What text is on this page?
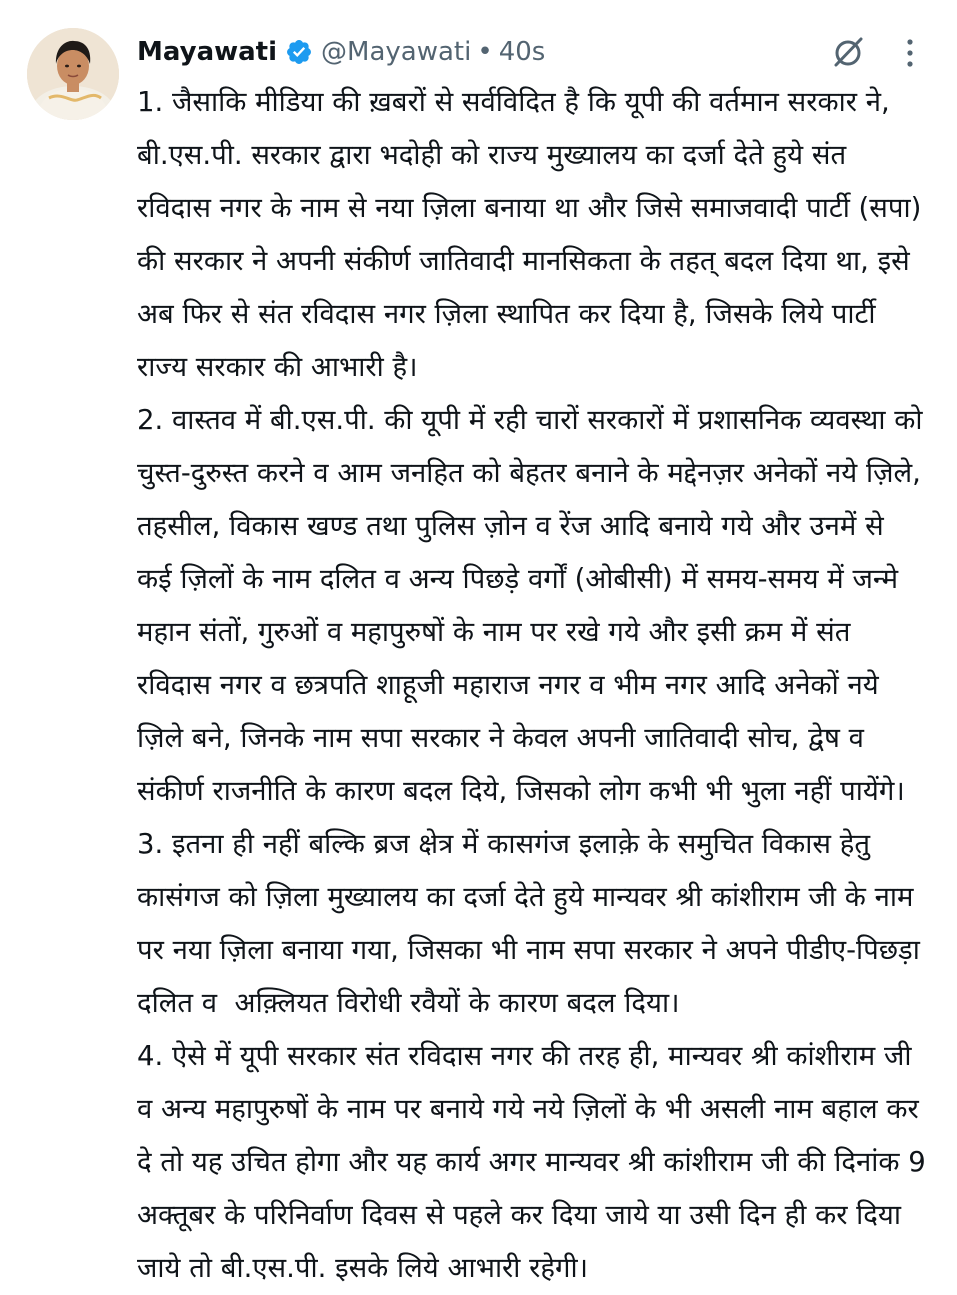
Mayawati @Mayawati • 40s

1. जैसाकि मीडिया की ख़बरों से सर्वविदित है कि यूपी की वर्तमान सरकार ने, बी.एस.पी. सरकार द्वारा भदोही को राज्य मुख्यालय का दर्जा देते हुये संत रविदास नगर के नाम से नया ज़िला बनाया था और जिसे समाजवादी पार्टी (सपा) की सरकार ने अपनी संकीर्ण जातिवादी मानसिकता के तहत् बदल दिया था, इसे अब फिर से संत रविदास नगर ज़िला स्थापित कर दिया है, जिसके लिये पार्टी राज्य सरकार की आभारी है।

2. वास्तव में बी.एस.पी. की यूपी में रही चारों सरकारों में प्रशासनिक व्यवस्था को चुस्त-दुरुस्त करने व आम जनहित को बेहतर बनाने के मद्देनज़र अनेकों नये ज़िले, तहसील, विकास खण्ड तथा पुलिस ज़ोन व रेंज आदि बनाये गये और उनमें से कई ज़िलों के नाम दलित व अन्य पिछड़े वर्गों (ओबीसी) में समय-समय में जन्मे महान संतों, गुरुओं व महापुरुषों के नाम पर रखे गये और इसी क्रम में संत रविदास नगर व छत्रपति शाहूजी महाराज नगर व भीम नगर आदि अनेकों नये ज़िले बने, जिनके नाम सपा सरकार ने केवल अपनी जातिवादी सोच, द्वेष व संकीर्ण राजनीति के कारण बदल दिये, जिसको लोग कभी भी भुला नहीं पायेंगे।

3. इतना ही नहीं बल्कि ब्रज क्षेत्र में कासगंज इलाक़े के समुचित विकास हेतु कासंगज को ज़िला मुख्यालय का दर्जा देते हुये मान्यवर श्री कांशीराम जी के नाम पर नया ज़िला बनाया गया, जिसका भी नाम सपा सरकार ने अपने पीडीए-पिछड़ा दलित व  अक़्लियत विरोधी रवैयों के कारण बदल दिया।

4. ऐसे में यूपी सरकार संत रविदास नगर की तरह ही, मान्यवर श्री कांशीराम जी व अन्य महापुरुषों के नाम पर बनाये गये नये ज़िलों के भी असली नाम बहाल कर दे तो यह उचित होगा और यह कार्य अगर मान्यवर श्री कांशीराम जी की दिनांक 9 अक्तूबर के परिनिर्वाण दिवस से पहले कर दिया जाये या उसी दिन ही कर दिया जाये तो बी.एस.पी. इसके लिये आभारी रहेगी।
